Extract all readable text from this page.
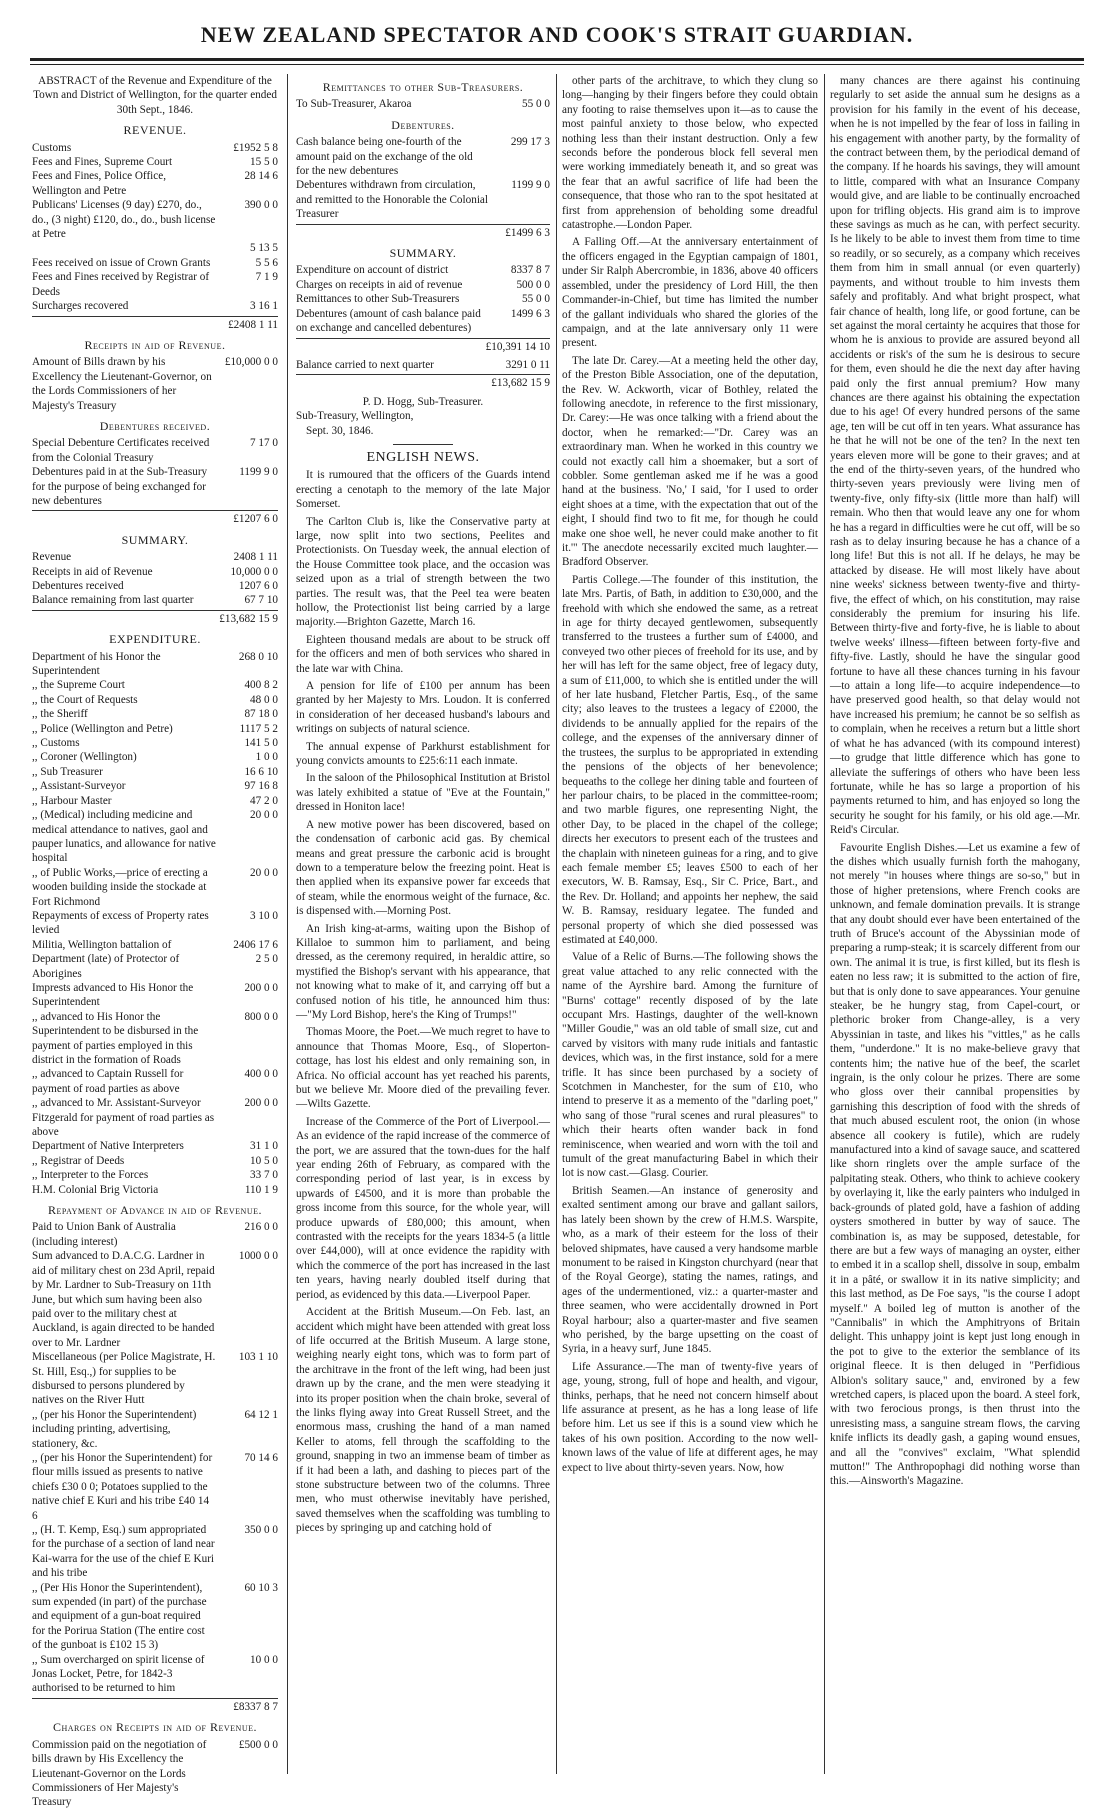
NEW ZEALAND SPECTATOR AND COOK'S STRAIT GUARDIAN.
ABSTRACT of the Revenue and Expenditure of the Town and District of Wellington, for the quarter ended 30th Sept., 1846.
REVENUE.
Customs	£1952 5 8
Fees and Fines, Supreme Court	15 5 0
Fees and Fines, Police Office, Wellington and Petre
28 14 6
Publicans' Licenses (9 day) £270, do., do., (3 night) £120, do., do., bush license at Petre
390 0 0
5 13 5
Fees received on issue of Crown Grants	5 5 6
Fees and Fines received by Registrar of Deeds
7 1 9
Surcharges recovered	3 16 1
£2408 1 11
Receipts in aid of Revenue.
Amount of Bills drawn by his Excellency the Lieutenant-Governor, on the Lords Commissioners of her Majesty's Treasury
£10,000 0 0
Debentures received.
Special Debenture Certificates received from the Colonial Treasury
7 17 0
Debentures paid in at the Sub-Treasury for the purpose of being exchanged for new debentures
1199 9 0
£1207 6 0
SUMMARY.
Revenue	2408 1 11
Receipts in aid of Revenue	10,000 0 0
Debentures received	1207 6 0
Balance remaining from last quarter	67 7 10
£13,682 15 9
EXPENDITURE.
Department of his Honor the Superintendent
268 0 10
,, the Supreme Court	400 8 2
,, the Court of Requests	48 0 0
,, the Sheriff	87 18 0
,, Police (Wellington and Petre)	1117 5 2
,, Customs	141 5 0
,, Coroner (Wellington)	1 0 0
,, Sub Treasurer	16 6 10
,, Assistant-Surveyor	97 16 8
,, Harbour Master	47 2 0
,, (Medical) including medicine and medical attendance to natives, gaol and pauper lunatics, and allowance for native hospital
20 0 0
,, of Public Works,—price of erecting a wooden building inside the stockade at Fort Richmond
20 0 0
Repayments of excess of Property rates levied
3 10 0
Militia, Wellington battalion of	2406 17 6
Department (late) of Protector of Aborigines
2 5 0
Imprests advanced to His Honor the Superintendent
200 0 0
,, advanced to His Honor the Superintendent to be disbursed in the payment of parties employed in this district in the formation of Roads
800 0 0
,, advanced to Captain Russell for payment of road parties as above
400 0 0
,, advanced to Mr. Assistant-Surveyor Fitzgerald for payment of road parties as above
200 0 0
Department of Native Interpreters	31 1 0
,, Registrar of Deeds	10 5 0
,, Interpreter to the Forces	33 7 0
H.M. Colonial Brig Victoria	110 1 9
Repayment of Advance in aid of Revenue.
Paid to Union Bank of Australia (including interest)
216 0 0
Sum advanced to D.A.C.G. Lardner in aid of military chest on 23d April, repaid by Mr. Lardner to Sub-Treasury on 11th June, but which sum having been also paid over to the military chest at Auckland, is again directed to be handed over to Mr. Lardner
1000 0 0
Miscellaneous (per Police Magistrate, H. St. Hill, Esq.,) for supplies to be disbursed to persons plundered by natives on the River Hutt
103 1 10
,, (per his Honor the Superintendent) including printing, advertising, stationery, &c.
64 12 1
,, (per his Honor the Superintendent) for flour mills issued as presents to native chiefs £30 0 0; Potatoes supplied to the native chief E Kuri and his tribe £40 14 6
70 14 6
,, (H. T. Kemp, Esq.) sum appropriated for the purchase of a section of land near Kai-warra for the use of the chief E Kuri and his tribe
350 0 0
,, (Per His Honor the Superintendent), sum expended (in part) of the purchase and equipment of a gun-boat required for the Porirua Station (The entire cost of the gunboat is £102 15 3)
60 10 3
,, Sum overcharged on spirit license of Jonas Locket, Petre, for 1842-3 authorised to be returned to him
10 0 0
£8337 8 7
Charges on Receipts in aid of Revenue.
Commission paid on the negotiation of bills drawn by His Excellency the Lieutenant-Governor on the Lords Commissioners of Her Majesty's Treasury
£500 0 0
Remittances to other Sub-Treasurers.
To Sub-Treasurer, Akaroa	55 0 0
Debentures.
Cash balance being one-fourth of the amount paid on the exchange of the old for the new debentures
299 17 3
Debentures withdrawn from circulation, and remitted to the Honorable the Colonial Treasurer
1199 9 0
£1499 6 3
SUMMARY.
Expenditure on account of district	8337 8 7
Charges on receipts in aid of revenue	500 0 0
Remittances to other Sub-Treasurers	55 0 0
Debentures (amount of cash balance paid on exchange and cancelled debentures)
1499 6 3
£10,391 14 10
Balance carried to next quarter	3291 0 11
£13,682 15 9
P. D. Hogg, Sub-Treasurer.
Sub-Treasury, Wellington,
Sept. 30, 1846.
ENGLISH NEWS.

It is rumoured that the officers of the Guards intend erecting a cenotaph to the memory of the late Major Somerset.

The Carlton Club is, like the Conservative party at large, now split into two sections, Peelites and Protectionists. On Tuesday week, the annual election of the House Committee took place, and the occasion was seized upon as a trial of strength between the two parties. The result was, that the Peel tea were beaten hollow, the Protectionist list being carried by a large majority.—Brighton Gazette, March 16.

Eighteen thousand medals are about to be struck off for the officers and men of both services who shared in the late war with China.

A pension for life of £100 per annum has been granted by her Majesty to Mrs. Loudon. It is conferred in consideration of her deceased husband's labours and writings on subjects of natural science.

The annual expense of Parkhurst establishment for young convicts amounts to £25:6:11 each inmate.

In the saloon of the Philosophical Institution at Bristol was lately exhibited a statue of "Eve at the Fountain," dressed in Honiton lace!

A new motive power has been discovered, based on the condensation of carbonic acid gas. By chemical means and great pressure the carbonic acid is brought down to a temperature below the freezing point. Heat is then applied when its expansive power far exceeds that of steam, while the enormous weight of the furnace, &c. is dispensed with.—Morning Post.

An Irish king-at-arms, waiting upon the Bishop of Killaloe to summon him to parliament, and being dressed, as the ceremony required, in heraldic attire, so mystified the Bishop's servant with his appearance, that not knowing what to make of it, and carrying off but a confused notion of his title, he announced him thus:—"My Lord Bishop, here's the King of Trumps!"

Thomas Moore, the Poet.—We much regret to have to announce that Thomas Moore, Esq., of Sloperton-cottage, has lost his eldest and only remaining son, in Africa. No official account has yet reached his parents, but we believe Mr. Moore died of the prevailing fever.—Wilts Gazette.

Increase of the Commerce of the Port of Liverpool.—As an evidence of the rapid increase of the commerce of the port, we are assured that the town-dues for the half year ending 26th of February, as compared with the corresponding period of last year, is in excess by upwards of £4500, and it is more than probable the gross income from this source, for the whole year, will produce upwards of £80,000; this amount, when contrasted with the receipts for the years 1834-5 (a little over £44,000), will at once evidence the rapidity with which the commerce of the port has increased in the last ten years, having nearly doubled itself during that period, as evidenced by this data.—Liverpool Paper.

Accident at the British Museum.—On Feb. last, an accident which might have been attended with great loss of life occurred at the British Museum. A large stone, weighing nearly eight tons, which was to form part of the architrave in the front of the left wing, had been just drawn up by the crane, and the men were steadying it into its proper position when the chain broke, several of the links flying away into Great Russell Street, and the enormous mass, crushing the hand of a man named Keller to atoms, fell through the scaffolding to the ground, snapping in two an immense beam of timber as if it had been a lath, and dashing to pieces part of the stone substructure between two of the columns. Three men, who must otherwise inevitably have perished, saved themselves when the scaffolding was tumbling to pieces by springing up and catching hold of

other parts of the architrave, to which they clung so long—hanging by their fingers before they could obtain any footing to raise themselves upon it—as to cause the most painful anxiety to those below, who expected nothing less than their instant destruction. Only a few seconds before the ponderous block fell several men were working immediately beneath it, and so great was the fear that an awful sacrifice of life had been the consequence, that those who ran to the spot hesitated at first from apprehension of beholding some dreadful catastrophe.—London Paper.

A Falling Off.—At the anniversary entertainment of the officers engaged in the Egyptian campaign of 1801, under Sir Ralph Abercrombie, in 1836, above 40 officers assembled, under the presidency of Lord Hill, the then Commander-in-Chief, but time has limited the number of the gallant individuals who shared the glories of the campaign, and at the late anniversary only 11 were present.

The late Dr. Carey.—At a meeting held the other day, of the Preston Bible Association, one of the deputation, the Rev. W. Ackworth, vicar of Bothley, related the following anecdote, in reference to the first missionary, Dr. Carey:—He was once talking with a friend about the doctor, when he remarked:—"Dr. Carey was an extraordinary man. When he worked in this country we could not exactly call him a shoemaker, but a sort of cobbler. Some gentleman asked me if he was a good hand at the business. 'No,' I said, 'for I used to order eight shoes at a time, with the expectation that out of the eight, I should find two to fit me, for though he could make one shoe well, he never could make another to fit it.'" The anecdote necessarily excited much laughter.—Bradford Observer.

Partis College.—The founder of this institution, the late Mrs. Partis, of Bath, in addition to £30,000, and the freehold with which she endowed the same, as a retreat in age for thirty decayed gentlewomen, subsequently transferred to the trustees a further sum of £4000, and conveyed two other pieces of freehold for its use, and by her will has left for the same object, free of legacy duty, a sum of £11,000, to which she is entitled under the will of her late husband, Fletcher Partis, Esq., of the same city; also leaves to the trustees a legacy of £2000, the dividends to be annually applied for the repairs of the college, and the expenses of the anniversary dinner of the trustees, the surplus to be appropriated in extending the pensions of the objects of her benevolence; bequeaths to the college her dining table and fourteen of her parlour chairs, to be placed in the committee-room; and two marble figures, one representing Night, the other Day, to be placed in the chapel of the college; directs her executors to present each of the trustees and the chaplain with nineteen guineas for a ring, and to give each female member £5; leaves £500 to each of her executors, W. B. Ramsay, Esq., Sir C. Price, Bart., and the Rev. Dr. Holland; and appoints her nephew, the said W. B. Ramsay, residuary legatee. The funded and personal property of which she died possessed was estimated at £40,000.

Value of a Relic of Burns.—The following shows the great value attached to any relic connected with the name of the Ayrshire bard. Among the furniture of "Burns' cottage" recently disposed of by the late occupant Mrs. Hastings, daughter of the well-known "Miller Goudie," was an old table of small size, cut and carved by visitors with many rude initials and fantastic devices, which was, in the first instance, sold for a mere trifle. It has since been purchased by a society of Scotchmen in Manchester, for the sum of £10, who intend to preserve it as a memento of the "darling poet," who sang of those "rural scenes and rural pleasures" to which their hearts often wander back in fond reminiscence, when wearied and worn with the toil and tumult of the great manufacturing Babel in which their lot is now cast.—Glasg. Courier.

British Seamen.—An instance of generosity and exalted sentiment among our brave and gallant sailors, has lately been shown by the crew of H.M.S. Warspite, who, as a mark of their esteem for the loss of their beloved shipmates, have caused a very handsome marble monument to be raised in Kingston churchyard (near that of the Royal George), stating the names, ratings, and ages of the undermentioned, viz.: a quarter-master and three seamen, who were accidentally drowned in Port Royal harbour; also a quarter-master and five seamen who perished, by the barge upsetting on the coast of Syria, in a heavy surf, June 1845.

Life Assurance.—The man of twenty-five years of age, young, strong, full of hope and health, and vigour, thinks, perhaps, that he need not concern himself about life assurance at present, as he has a long lease of life before him. Let us see if this is a sound view which he takes of his own position. According to the now well-known laws of the value of life at different ages, he may expect to live about thirty-seven years. Now, how

many chances are there against his continuing regularly to set aside the annual sum he designs as a provision for his family in the event of his decease, when he is not impelled by the fear of loss in failing in his engagement with another party, by the formality of the contract between them, by the periodical demand of the company. If he hoards his savings, they will amount to little, compared with what an Insurance Company would give, and are liable to be continually encroached upon for trifling objects. His grand aim is to improve these savings as much as he can, with perfect security. Is he likely to be able to invest them from time to time so readily, or so securely, as a company which receives them from him in small annual (or even quarterly) payments, and without trouble to him invests them safely and profitably. And what bright prospect, what fair chance of health, long life, or good fortune, can be set against the moral certainty he acquires that those for whom he is anxious to provide are assured beyond all accidents or risk's of the sum he is desirous to secure for them, even should he die the next day after having paid only the first annual premium? How many chances are there against his obtaining the expectation due to his age! Of every hundred persons of the same age, ten will be cut off in ten years. What assurance has he that he will not be one of the ten? In the next ten years eleven more will be gone to their graves; and at the end of the thirty-seven years, of the hundred who thirty-seven years previously were living men of twenty-five, only fifty-six (little more than half) will remain. Who then that would leave any one for whom he has a regard in difficulties were he cut off, will be so rash as to delay insuring because he has a chance of a long life! But this is not all. If he delays, he may be attacked by disease. He will most likely have about nine weeks' sickness between twenty-five and thirty-five, the effect of which, on his constitution, may raise considerably the premium for insuring his life. Between thirty-five and forty-five, he is liable to about twelve weeks' illness—fifteen between forty-five and fifty-five. Lastly, should he have the singular good fortune to have all these chances turning in his favour—to attain a long life—to acquire independence—to have preserved good health, so that delay would not have increased his premium; he cannot be so selfish as to complain, when he receives a return but a little short of what he has advanced (with its compound interest)—to grudge that little difference which has gone to alleviate the sufferings of others who have been less fortunate, while he has so large a proportion of his payments returned to him, and has enjoyed so long the security he sought for his family, or his old age.—Mr. Reid's Circular.

Favourite English Dishes.—Let us examine a few of the dishes which usually furnish forth the mahogany, not merely "in houses where things are so-so," but in those of higher pretensions, where French cooks are unknown, and female domination prevails. It is strange that any doubt should ever have been entertained of the truth of Bruce's account of the Abyssinian mode of preparing a rump-steak; it is scarcely different from our own. The animal it is true, is first killed, but its flesh is eaten no less raw; it is submitted to the action of fire, but that is only done to save appearances. Your genuine steaker, be he hungry stag, from Capel-court, or plethoric broker from Change-alley, is a very Abyssinian in taste, and likes his "vittles," as he calls them, "underdone." It is no make-believe gravy that contents him; the native hue of the beef, the scarlet ingrain, is the only colour he prizes. There are some who gloss over their cannibal propensities by garnishing this description of food with the shreds of that much abused esculent root, the onion (in whose absence all cookery is futile), which are rudely manufactured into a kind of savage sauce, and scattered like shorn ringlets over the ample surface of the palpitating steak. Others, who think to achieve cookery by overlaying it, like the early painters who indulged in back-grounds of plated gold, have a fashion of adding oysters smothered in butter by way of sauce. The combination is, as may be supposed, detestable, for there are but a few ways of managing an oyster, either to embed it in a scallop shell, dissolve in soup, embalm it in a pâté, or swallow it in its native simplicity; and this last method, as De Foe says, "is the course I adopt myself." A boiled leg of mutton is another of the "Cannibalis" in which the Amphitryons of Britain delight. This unhappy joint is kept just long enough in the pot to give to the exterior the semblance of its original fleece. It is then deluged in "Perfidious Albion's solitary sauce," and, environed by a few wretched capers, is placed upon the board. A steel fork, with two ferocious prongs, is then thrust into the unresisting mass, a sanguine stream flows, the carving knife inflicts its deadly gash, a gaping wound ensues, and all the "convives" exclaim, "What splendid mutton!" The Anthropophagi did nothing worse than this.—Ainsworth's Magazine.
